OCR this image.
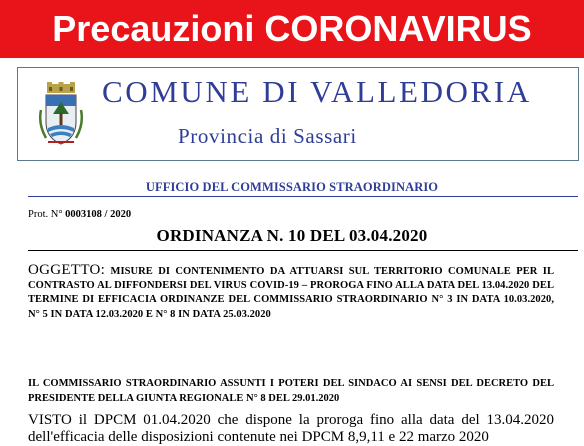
Precauzioni CORONAVIRUS
COMUNE DI VALLEDORIA
Provincia di Sassari
UFFICIO DEL COMMISSARIO STRAORDINARIO
Prot. N° 0003108 / 2020
ORDINANZA N. 10 DEL 03.04.2020
OGGETTO: MISURE DI CONTENIMENTO DA ATTUARSI SUL TERRITORIO COMUNALE PER IL CONTRASTO AL DIFFONDERSI DEL VIRUS COVID-19 – PROROGA FINO ALLA DATA DEL 13.04.2020 DEL TERMINE DI EFFICACIA ORDINANZE DEL COMMISSARIO STRAORDINARIO N° 3 IN DATA 10.03.2020, N° 5 IN DATA 12.03.2020 E N° 8 IN DATA 25.03.2020
IL COMMISSARIO STRAORDINARIO ASSUNTI I POTERI DEL SINDACO AI SENSI DEL DECRETO DEL PRESIDENTE DELLA GIUNTA REGIONALE N° 8 DEL 29.01.2020
VISTO il DPCM 01.04.2020 che dispone la proroga fino alla data del 13.04.2020
dell'efficacia delle disposizioni contenute nei DPCM 8,9,11 e 22 marzo 2020
